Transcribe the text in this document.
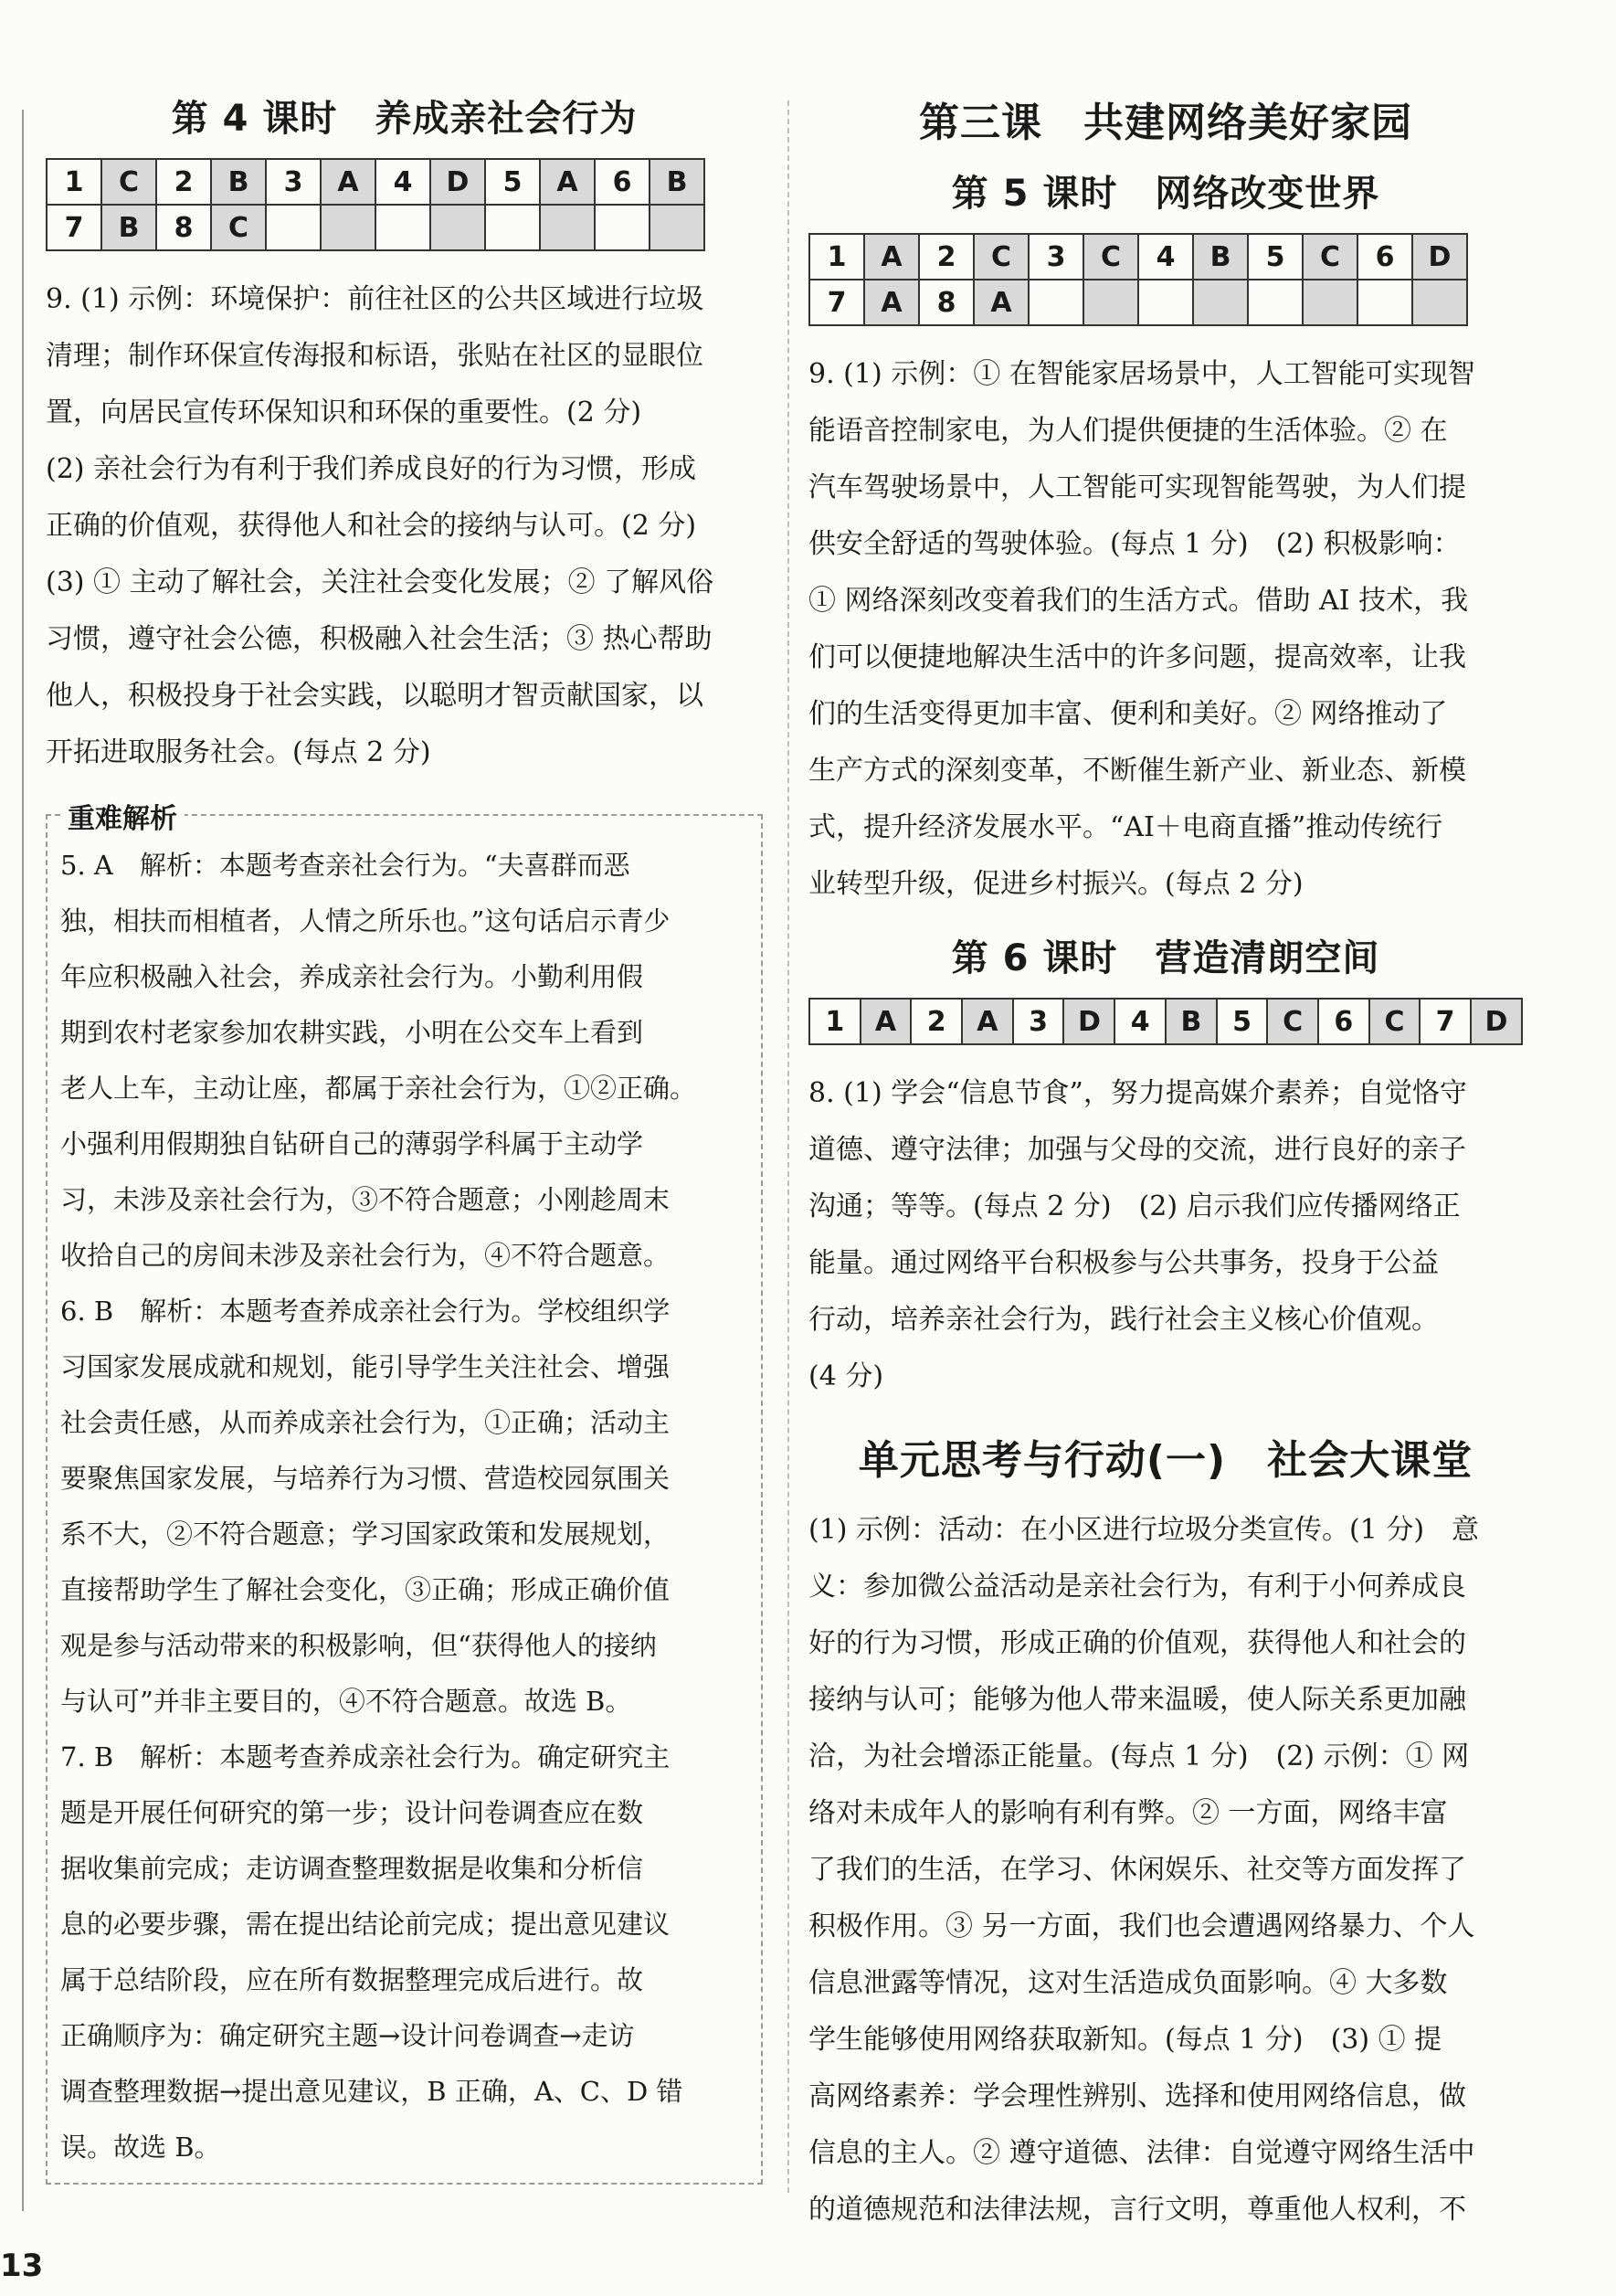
第 4 课时　养成亲社会行为
1	C	2	B	3	A	4	D	5	A	6	B
7	B	8	C								

9. (1) 示例：环境保护：前往社区的公共区域进行垃圾

清理；制作环保宣传海报和标语，张贴在社区的显眼位

置，向居民宣传环保知识和环保的重要性。(2 分)

(2) 亲社会行为有利于我们养成良好的行为习惯，形成

正确的价值观，获得他人和社会的接纳与认可。(2 分)

(3) ① 主动了解社会，关注社会变化发展；② 了解风俗

习惯，遵守社会公德，积极融入社会生活；③ 热心帮助

他人，积极投身于社会实践，以聪明才智贡献国家，以

开拓进取服务社会。(每点 2 分)

重难解析

5. A　解析：本题考查亲社会行为。“夫喜群而恶

独，相扶而相植者，人情之所乐也。”这句话启示青少

年应积极融入社会，养成亲社会行为。小勤利用假

期到农村老家参加农耕实践，小明在公交车上看到

老人上车，主动让座，都属于亲社会行为，①②正确。

小强利用假期独自钻研自己的薄弱学科属于主动学

习，未涉及亲社会行为，③不符合题意；小刚趁周末

收拾自己的房间未涉及亲社会行为，④不符合题意。

6. B　解析：本题考查养成亲社会行为。学校组织学

习国家发展成就和规划，能引导学生关注社会、增强

社会责任感，从而养成亲社会行为，①正确；活动主

要聚焦国家发展，与培养行为习惯、营造校园氛围关

系不大，②不符合题意；学习国家政策和发展规划，

直接帮助学生了解社会变化，③正确；形成正确价值

观是参与活动带来的积极影响，但“获得他人的接纳

与认可”并非主要目的，④不符合题意。故选 B。

7. B　解析：本题考查养成亲社会行为。确定研究主

题是开展任何研究的第一步；设计问卷调查应在数

据收集前完成；走访调查整理数据是收集和分析信

息的必要步骤，需在提出结论前完成；提出意见建议

属于总结阶段，应在所有数据整理完成后进行。故

正确顺序为：确定研究主题→设计问卷调查→走访

调查整理数据→提出意见建议，B 正确，A、C、D 错

误。故选 B。

第三课　共建网络美好家园
第 5 课时　网络改变世界
1	A	2	C	3	C	4	B	5	C	6	D
7	A	8	A								

9. (1) 示例：① 在智能家居场景中，人工智能可实现智

能语音控制家电，为人们提供便捷的生活体验。② 在

汽车驾驶场景中，人工智能可实现智能驾驶，为人们提

供安全舒适的驾驶体验。(每点 1 分)　(2) 积极影响：

① 网络深刻改变着我们的生活方式。借助 AI 技术，我

们可以便捷地解决生活中的许多问题，提高效率，让我

们的生活变得更加丰富、便利和美好。② 网络推动了

生产方式的深刻变革，不断催生新产业、新业态、新模

式，提升经济发展水平。“AI＋电商直播”推动传统行

业转型升级，促进乡村振兴。(每点 2 分)

第 6 课时　营造清朗空间
1	A	2	A	3	D	4	B	5	C	6	C	7	D

8. (1) 学会“信息节食”，努力提高媒介素养；自觉恪守

道德、遵守法律；加强与父母的交流，进行良好的亲子

沟通；等等。(每点 2 分)　(2) 启示我们应传播网络正

能量。通过网络平台积极参与公共事务，投身于公益

行动，培养亲社会行为，践行社会主义核心价值观。

(4 分)

单元思考与行动(一)　社会大课堂

(1) 示例：活动：在小区进行垃圾分类宣传。(1 分)　意

义：参加微公益活动是亲社会行为，有利于小何养成良

好的行为习惯，形成正确的价值观，获得他人和社会的

接纳与认可；能够为他人带来温暖，使人际关系更加融

洽，为社会增添正能量。(每点 1 分)　(2) 示例：① 网

络对未成年人的影响有利有弊。② 一方面，网络丰富

了我们的生活，在学习、休闲娱乐、社交等方面发挥了

积极作用。③ 另一方面，我们也会遭遇网络暴力、个人

信息泄露等情况，这对生活造成负面影响。④ 大多数

学生能够使用网络获取新知。(每点 1 分)　(3) ① 提

高网络素养：学会理性辨别、选择和使用网络信息，做

信息的主人。② 遵守道德、法律：自觉遵守网络生活中

的道德规范和法律法规，言行文明，尊重他人权利，不

13
